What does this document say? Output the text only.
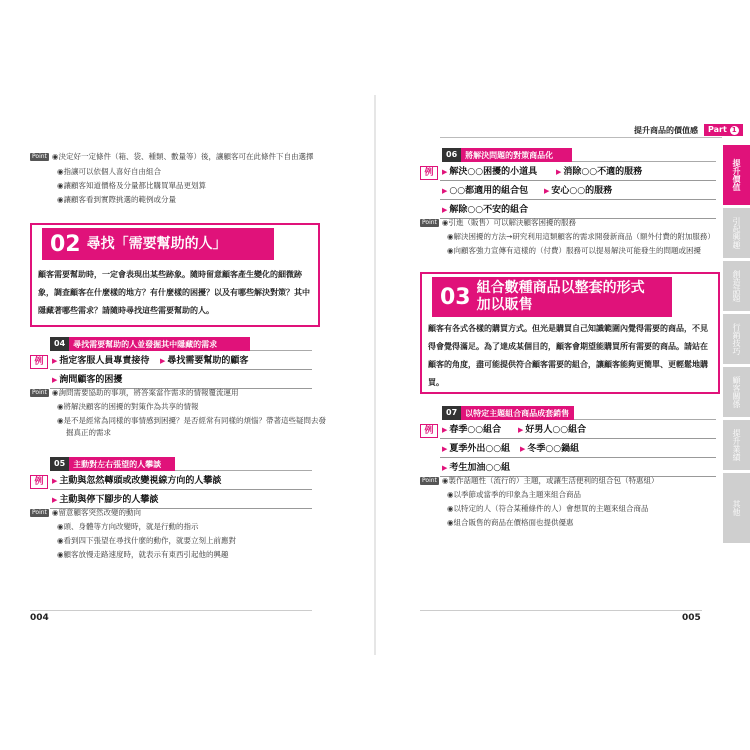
Point ◉決定好一定條件（箱、袋、種類、數量等）後，讓顧客可在此條件下自由選擇
◉指讓可以依個人喜好自由組合
◉讓顧客知道價格及分量都比購買單品更划算
◉讓顧客看到實際挑選的範例或分量
02 尋找「需要幫助的人」
顧客需要幫助時，一定會表現出某些跡象。隨時留意顧客產生變化的細微跡象，調查顧客在什麼樣的地方？有什麼樣的困擾？以及有哪些解決對策？其中隱藏著哪些需求？請隨時尋找這些需要幫助的人。
04	尋找需要幫助的人並發掘其中隱藏的需求
例	▶ 指定客服人員專責接待 ▶ 尋找需要幫助的顧客
▶ 詢問顧客的困擾
Point ◉詢問需要協助的事項，將答案當作需求的情報覆流運用
◉將解決顧客的困擾的對策作為共享的情報
◉是不是經常為同樣的事情感到困擾？是否經常有同樣的煩惱？帶著這些疑問去發
掘真正的需求
05	主動對左右張望的人攀談
例	▶ 主動與忽然轉頭或改變視線方向的人攀談
▶ 主動與停下腳步的人攀談
Point ◉留意顧客突然改變的動向
◉頭、身體等方向改變時，就是行動的指示
◉看到四下張望在尋找什麼的動作，就要立刻上前應對
◉顧客放慢走路速度時，就表示有東西引起他的興趣
004
提升商品的價值感	Part 1
提升價值
引起興趣
創造話題
行銷技巧
顧客關係
提升業績
其他
06	將解決問題的對策商品化
例	▶ 解決○○困擾的小道具	▶ 消除○○不適的服務
▶ ○○都適用的組合包 ▶ 安心○○的服務
▶ 解除○○不安的組合
Point ◉引進（販售）可以解決顧客困擾的服務
◉解決困擾的方法→研究利用這類顧客的需求開發新商品（額外付費的附加服務）
◉向顧客強力宣傳有這樣的（付費）服務可以提易解決可能發生的問題或困擾
03 組合數種商品以整套的形式加以販售
顧客有各式各樣的購買方式。但光是購買自己知識範圍內覺得需要的商品，不見得會覺得滿足。為了達成某個目的，顧客會期望能購買所有需要的商品。請站在顧客的角度，盡可能提供符合顧客需要的組合，讓顧客能夠更簡單、更輕鬆地購買。
07	以特定主題組合商品成套銷售
例	▶ 春季○○組合 ▶ 好男人○○組合
▶ 夏季外出○○組 ▶ 冬季○○鍋組
▶ 考生加油○○組
Point ◉製作話題性（流行的）主題，或讓生活便利的組合包（特惠組）
◉以季節或當季的印象為主題來組合商品
◉以特定的人（符合某種條件的人）會想買的主題來組合商品
◉組合販售的商品在價格面也提供優惠
005
